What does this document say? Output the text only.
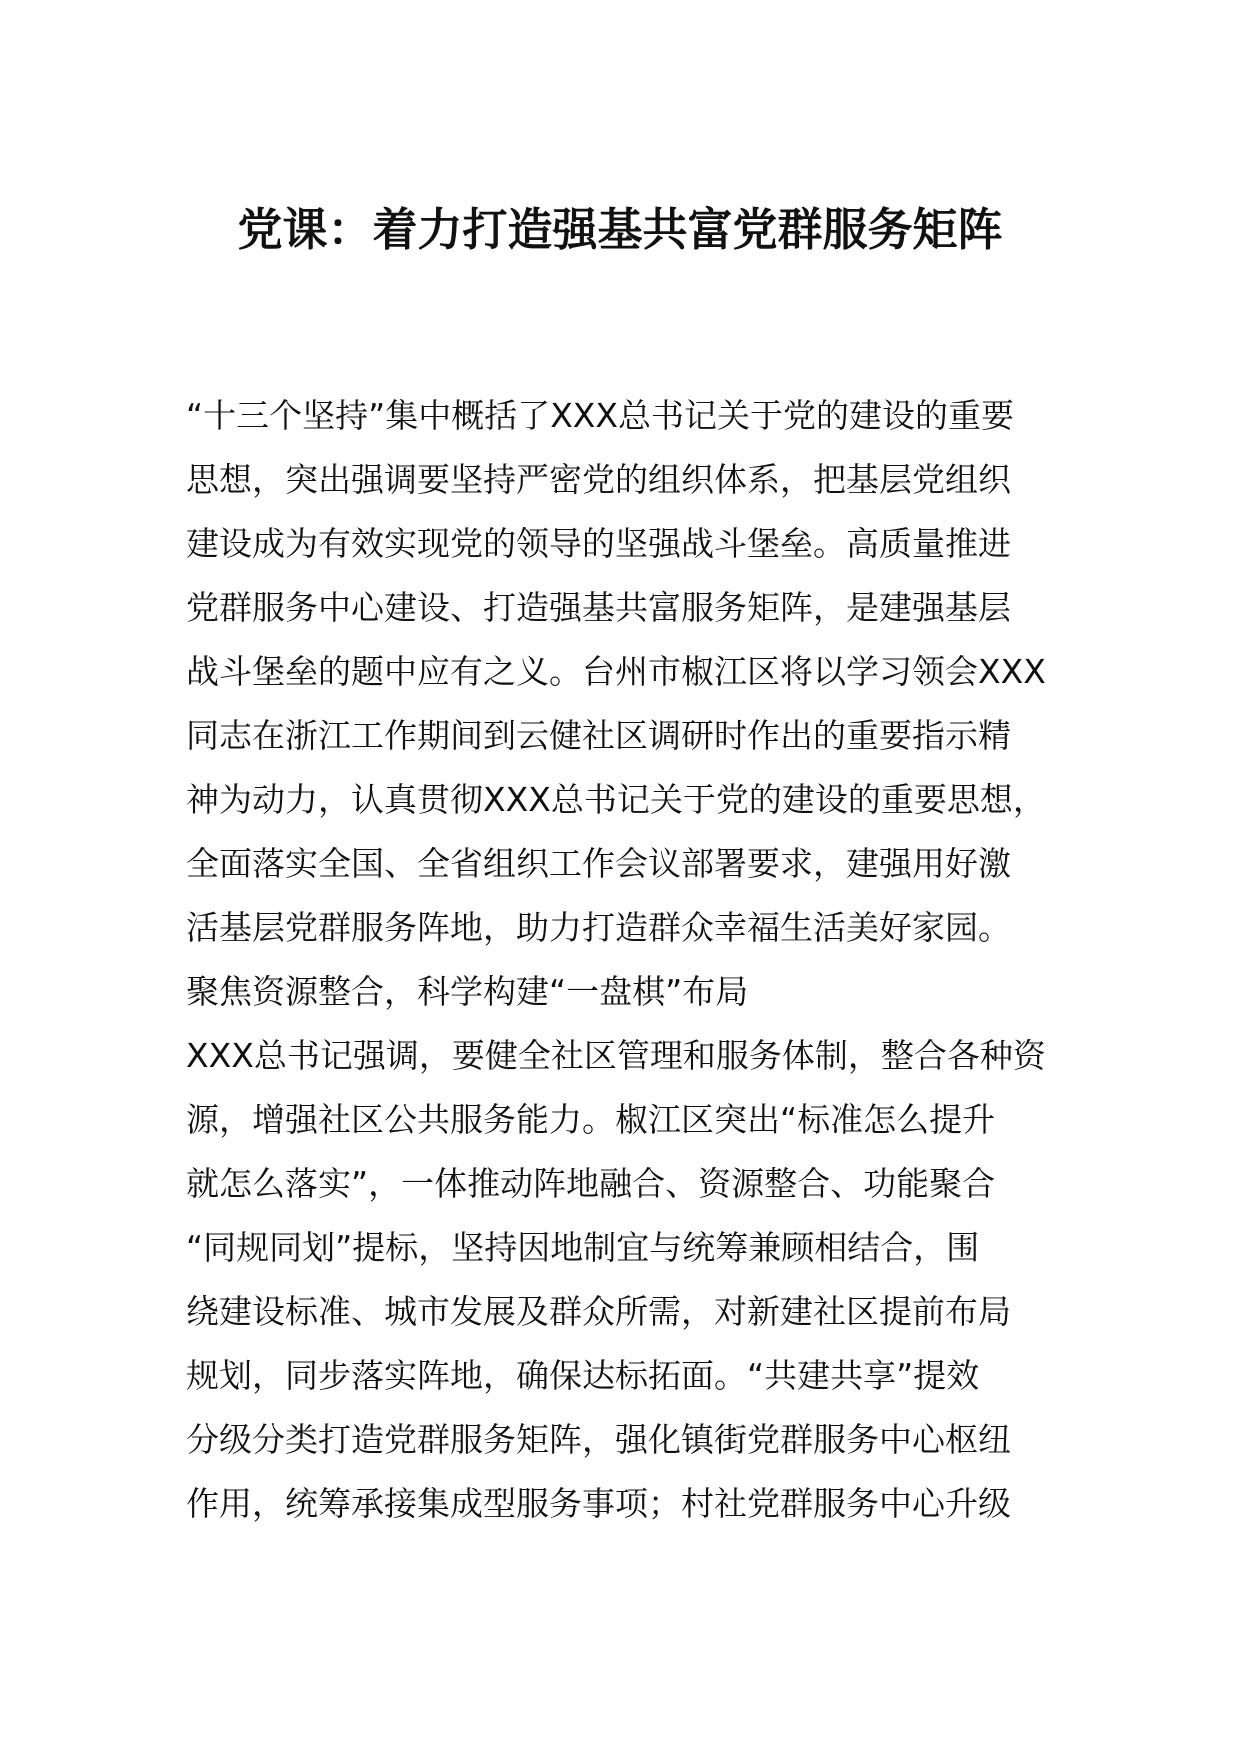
党课：着力打造强基共富党群服务矩阵
“十三个坚持”集中概括了XXX总书记关于党的建设的重要
思想，突出强调要坚持严密党的组织体系，把基层党组织
建设成为有效实现党的领导的坚强战斗堡垒。高质量推进
党群服务中心建设、打造强基共富服务矩阵，是建强基层
战斗堡垒的题中应有之义。台州市椒江区将以学习领会XXX
同志在浙江工作期间到云健社区调研时作出的重要指示精
神为动力，认真贯彻XXX总书记关于党的建设的重要思想，
全面落实全国、全省组织工作会议部署要求，建强用好激
活基层党群服务阵地，助力打造群众幸福生活美好家园。
聚焦资源整合，科学构建“一盘棋”布局
XXX总书记强调，要健全社区管理和服务体制，整合各种资
源，增强社区公共服务能力。椒江区突出“标准怎么提升
就怎么落实”，一体推动阵地融合、资源整合、功能聚合
“同规同划”提标，坚持因地制宜与统筹兼顾相结合，围
绕建设标准、城市发展及群众所需，对新建社区提前布局
规划，同步落实阵地，确保达标拓面。“共建共享”提效
分级分类打造党群服务矩阵，强化镇街党群服务中心枢纽
作用，统筹承接集成型服务事项；村社党群服务中心升级
